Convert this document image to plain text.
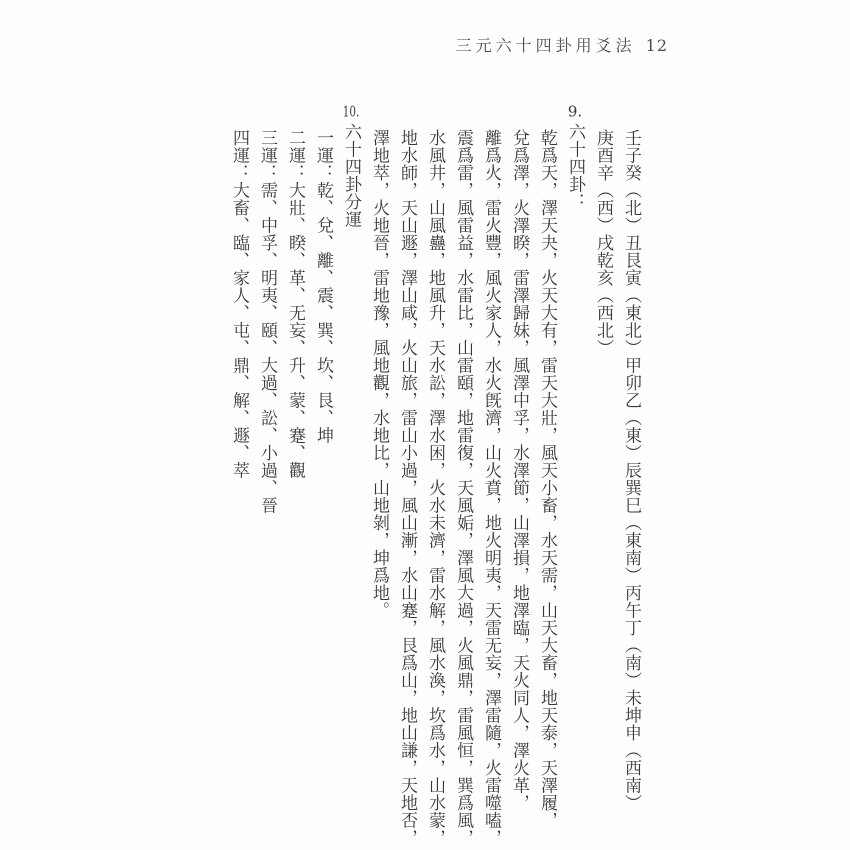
三元六十四卦用爻法 12
壬子癸（北）丑艮寅（東北）甲卯乙（東）辰巽巳（東南）丙午丁（南）未坤申（西南）
庚酉辛（西）戌乾亥（西北）
9.六十四卦：
乾爲天，澤天夬，火天大有，雷天大壯，風天小畜，水天需，山天大畜，地天泰，天澤履，
兌爲澤，火澤睽，雷澤歸妹，風澤中孚，水澤節，山澤損，地澤臨，天火同人，澤火革，
離爲火，雷火豐，風火家人，水火旣濟，山火賁，地火明夷，天雷无妄，澤雷隨，火雷噬嗑，
震爲雷，風雷益，水雷比，山雷頤，地雷復，天風姤，澤風大過，火風鼎，雷風恒，巽爲風，
水風井，山風蠱，地風升，天水訟，澤水困，火水未濟，雷水解，風水渙，坎爲水，山水蒙，
地水師，天山遯，澤山咸，火山旅，雷山小過，風山漸，水山蹇，艮爲山，地山謙，天地否，
澤地萃，火地晉，雷地豫，風地觀，水地比，山地剝，坤爲地。
10.六十四卦分運
一運：乾、兌、離、震、巽、坎、艮、坤
二運：大壯、睽、革、无妄、升、蒙、蹇、觀
三運：需、中孚、明夷、頤、大過、訟、小過、晉
四運：大畜、臨、家人、屯、鼎、解、遯、萃
